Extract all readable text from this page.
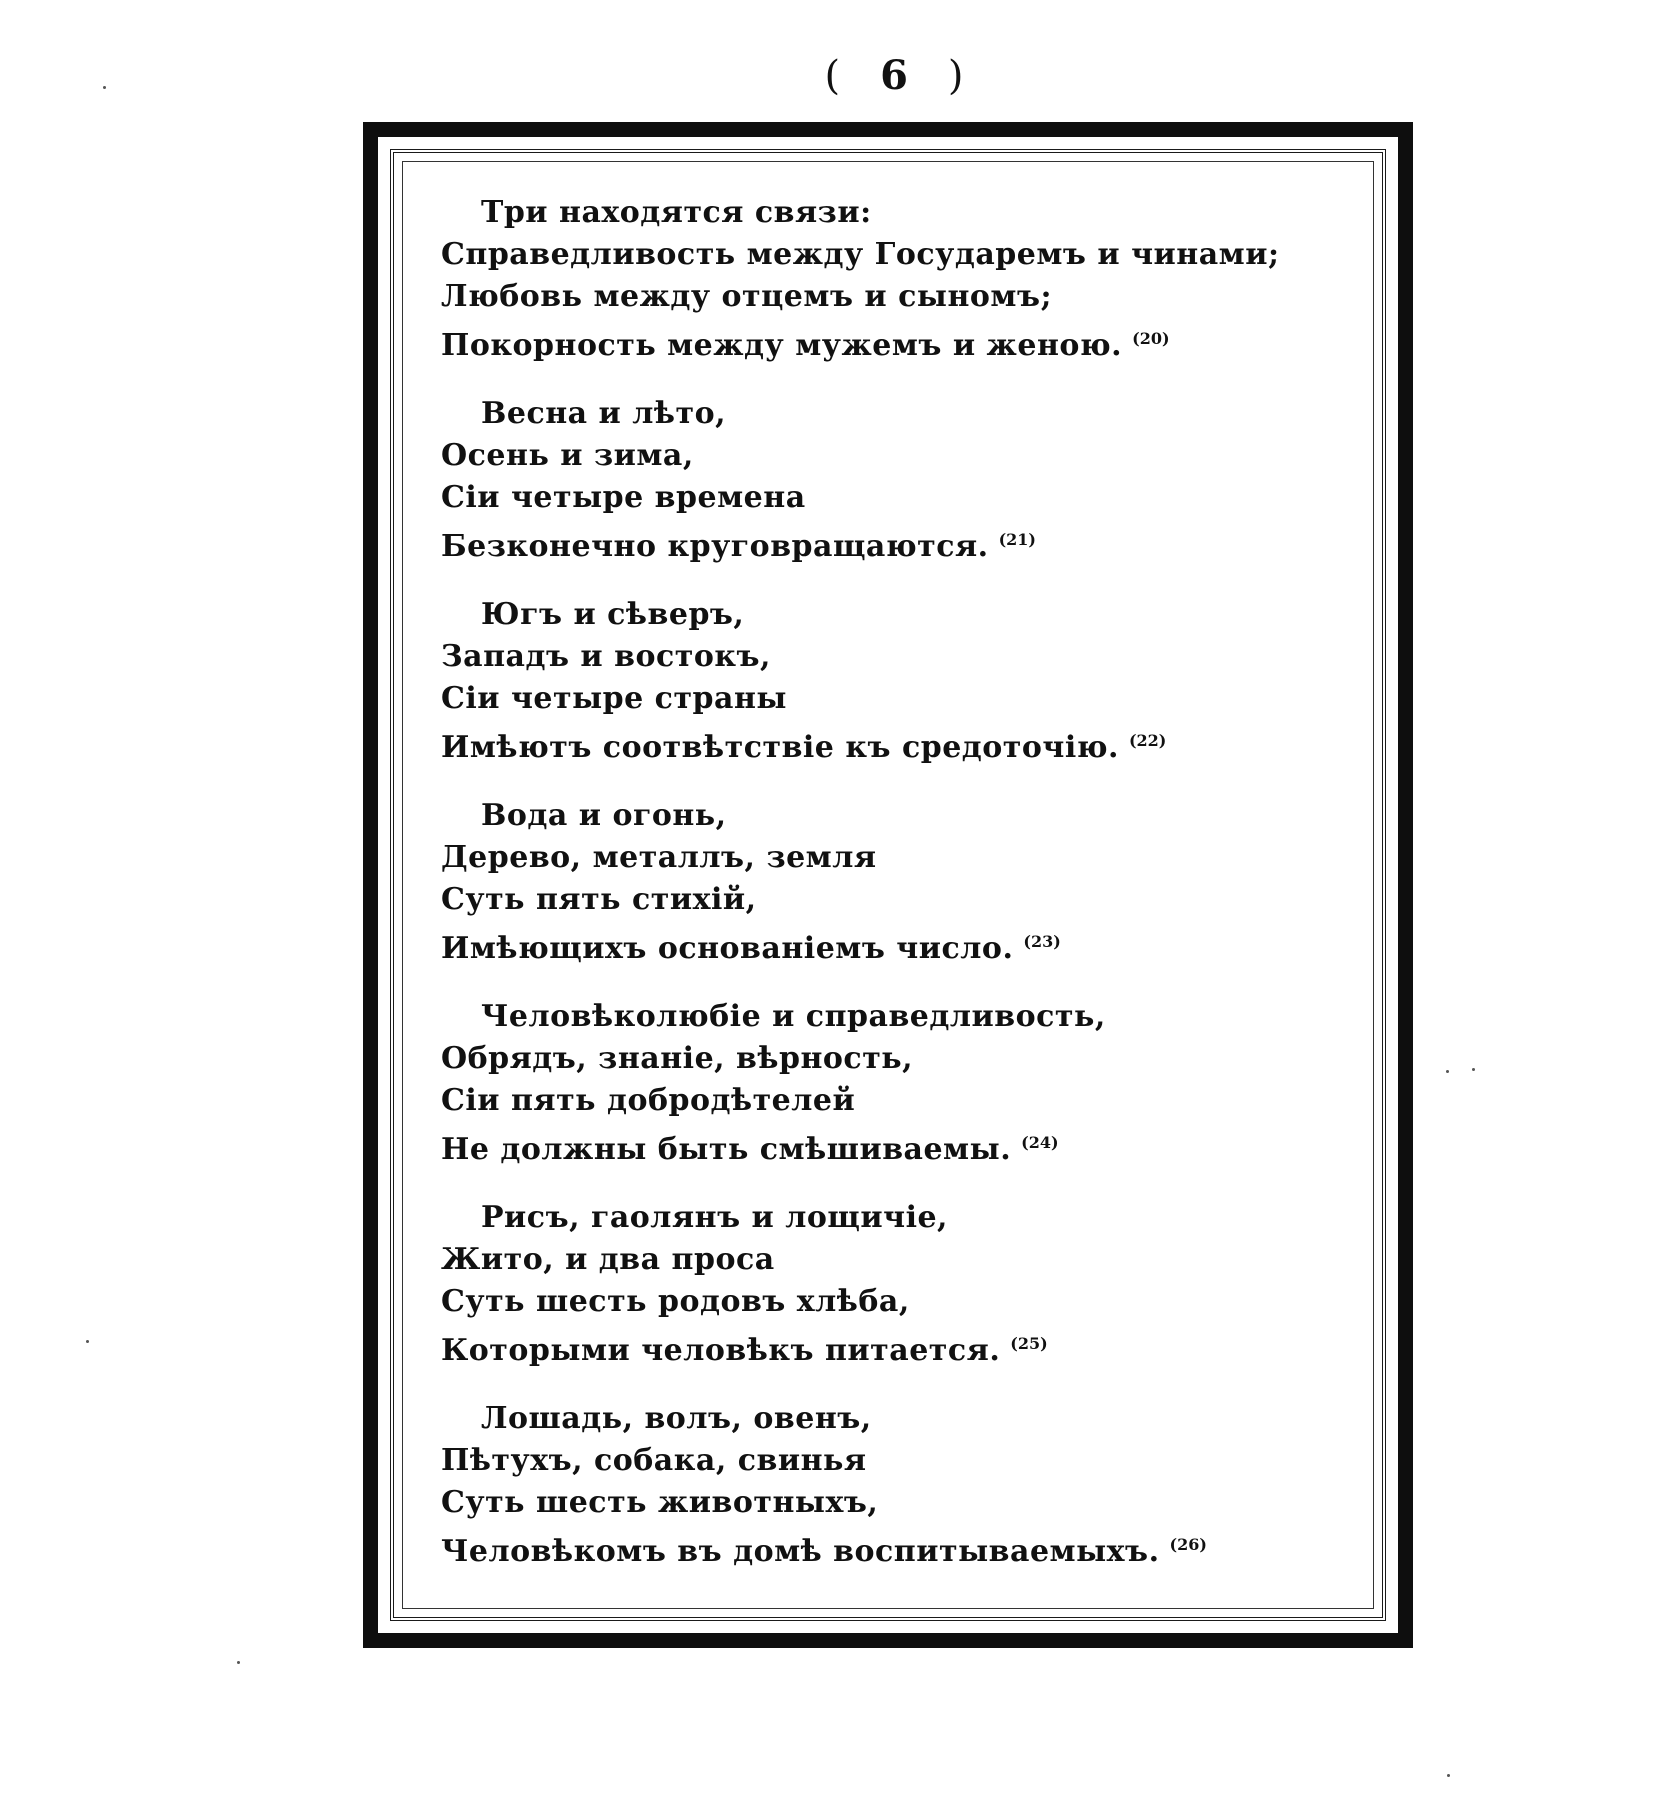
( 6 )
Три находятся связи:
Справедливость между Государемъ и чинами;
Любовь между отцемъ и сыномъ;
Покорность между мужемъ и женою. $^{(20)}$
Весна и лѣто,
Осень и зима,
Сіи четыре времена
Безконечно круговращаются. $^{(21)}$
Югъ и сѣверъ,
Западъ и востокъ,
Сіи четыре страны
Имѣютъ соотвѣтствіе къ средоточію. $^{(22)}$
Вода и огонь,
Дерево, металлъ, земля
Суть пять стихій,
Имѣющихъ основаніемъ число. $^{(23)}$
Человѣколюбіе и справедливость,
Обрядъ, знаніе, вѣрность,
Сіи пять добродѣтелей
Не должны быть смѣшиваемы. $^{(24)}$
Рисъ, гаолянъ и лощичіе,
Жито, и два проса
Суть шесть родовъ хлѣба,
Которыми человѣкъ питается. $^{(25)}$
Лошадь, волъ, овенъ,
Пѣтухъ, собака, свинья
Суть шесть животныхъ,
Человѣкомъ въ домѣ воспитываемыхъ. $^{(26)}$
